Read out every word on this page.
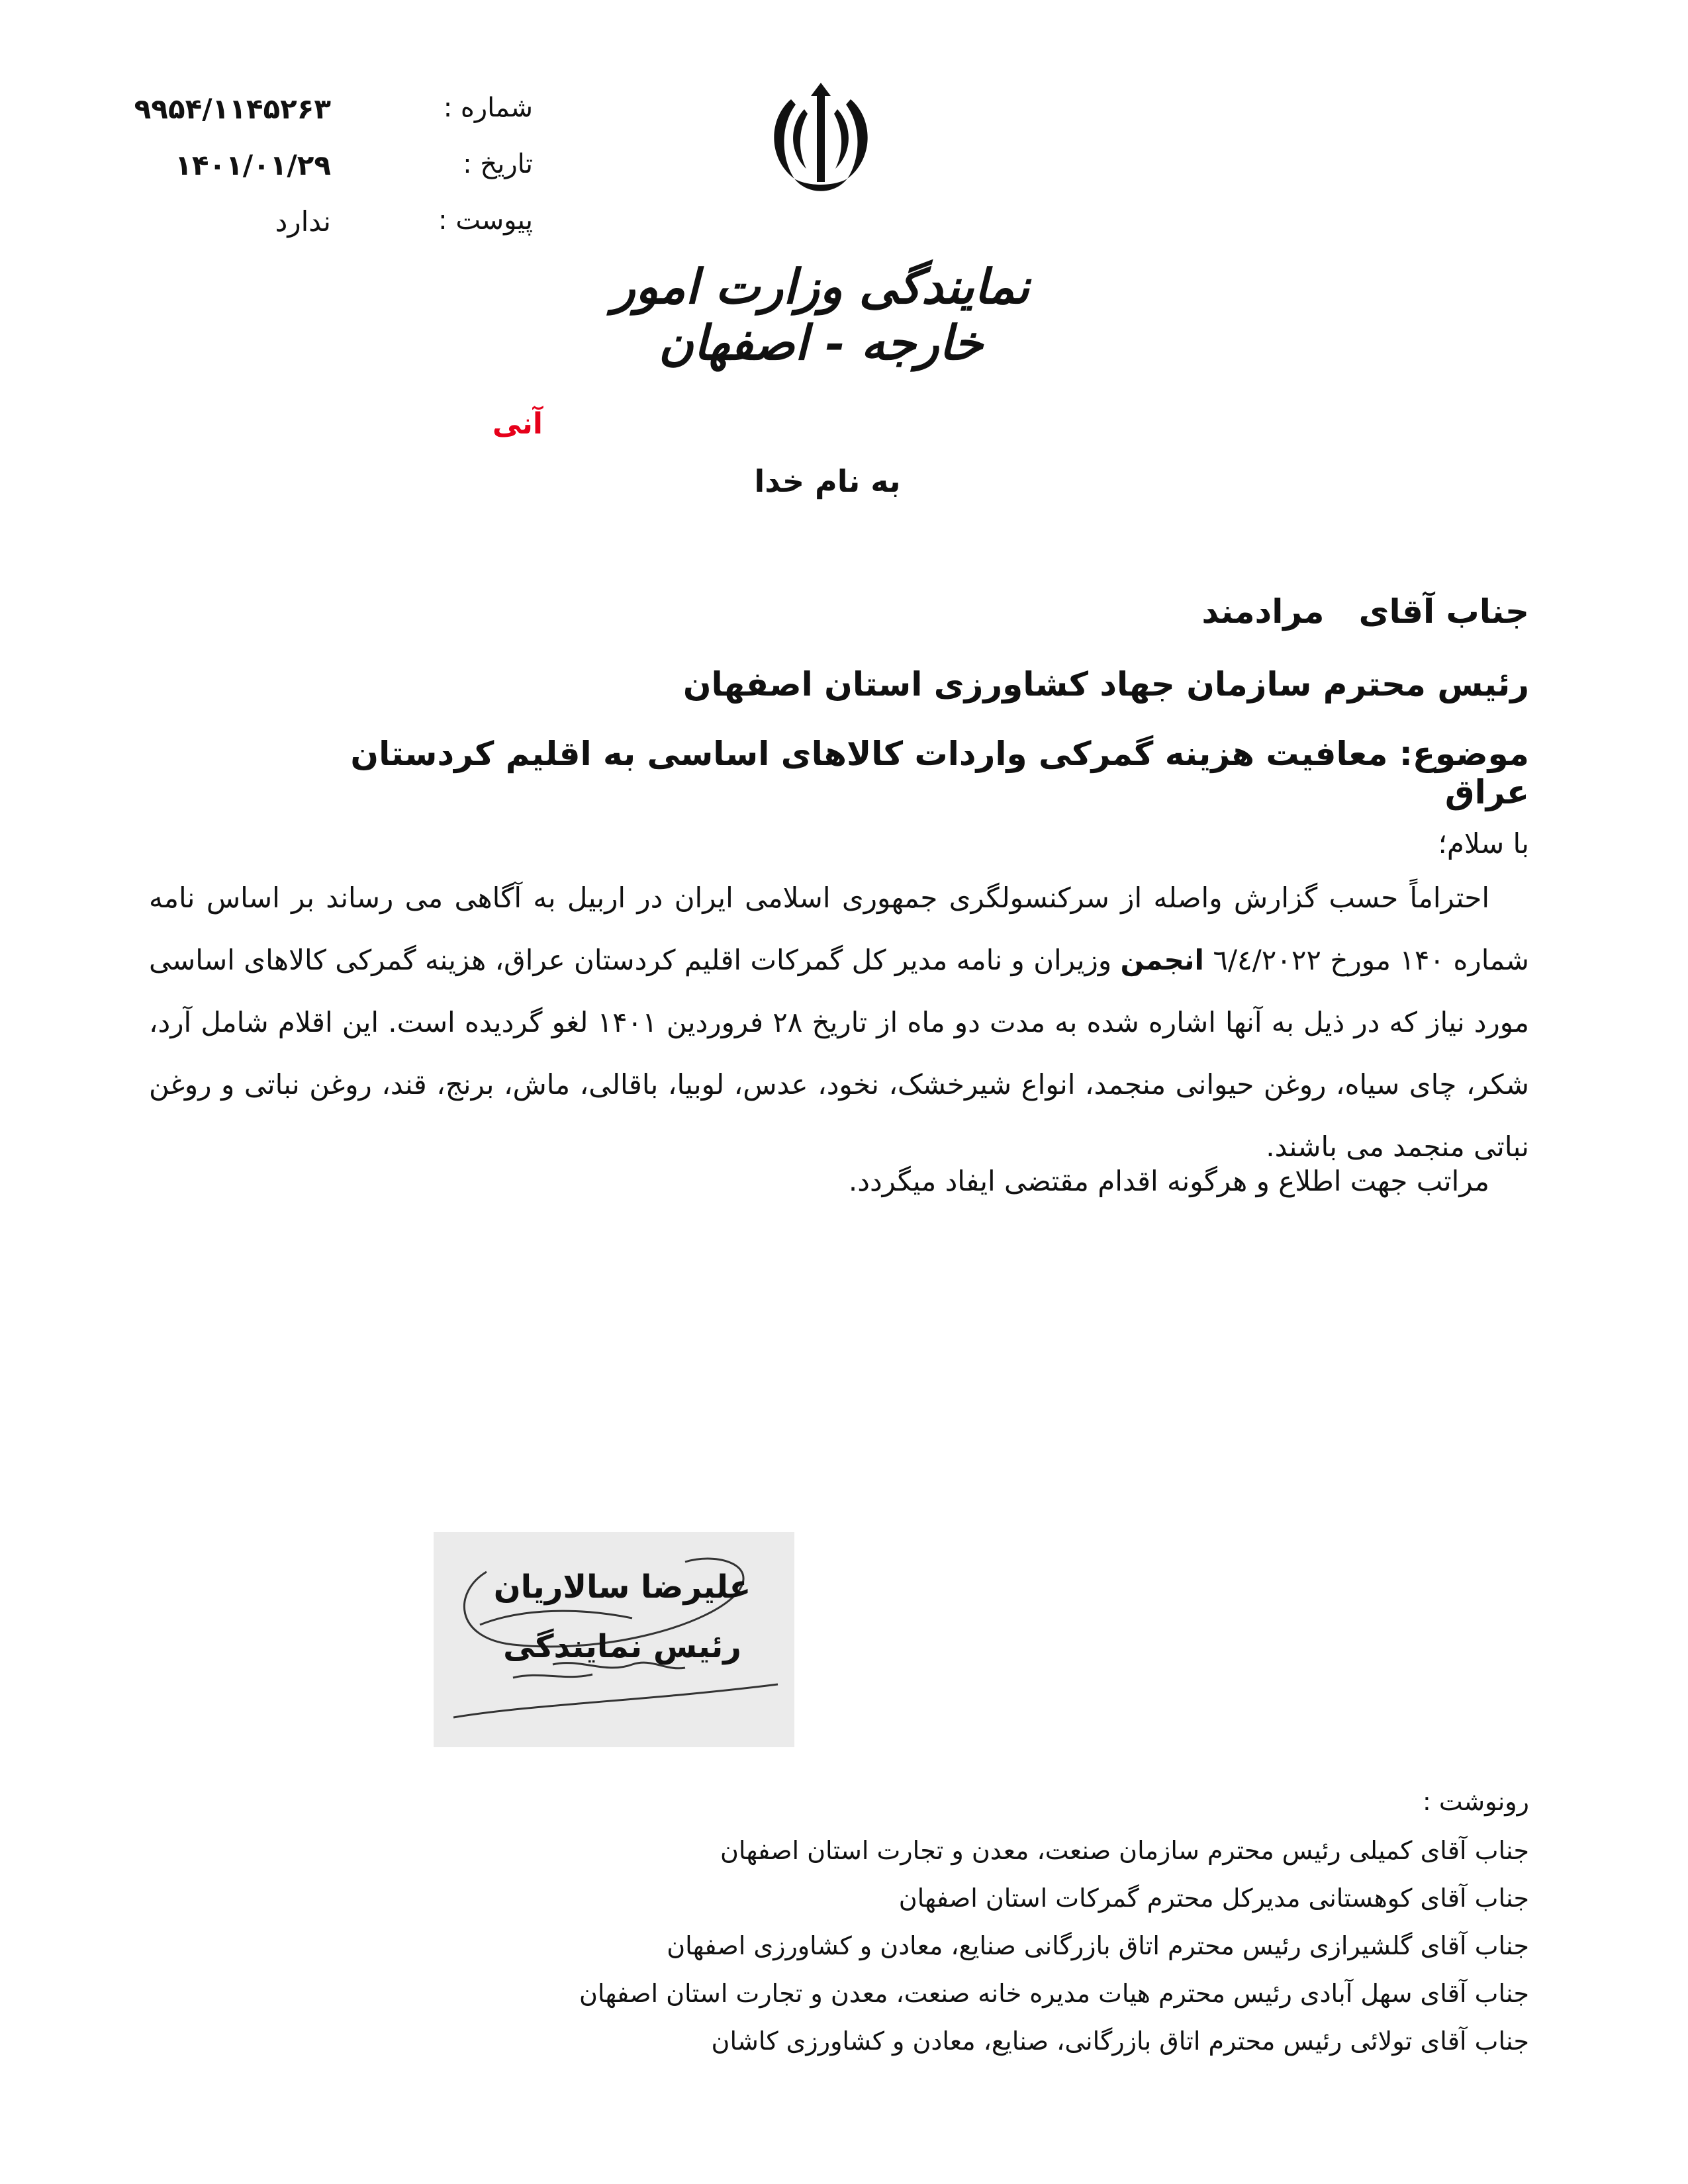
شماره :
۹۹۵۴/۱۱۴۵۲۶۳
تاریخ :
۱۴۰۱/۰۱/۲۹
پیوست :
ندارد
نمایندگی وزارت امور خارجه - اصفهان
آنی
به نام خدا
جناب آقای   مرادمند
رئیس محترم سازمان جهاد کشاورزی استان اصفهان
موضوع: معافیت هزینه گمرکی واردات کالاهای اساسی به اقلیم کردستان عراق
با سلام؛
احتراماً حسب گزارش واصله از سرکنسولگری جمهوری اسلامی ایران در اربیل به آگاهی می رساند بر اساس نامه شماره ۱۴۰ مورخ ٦/٤/٢٠٢٢ انجمن وزیران و نامه مدیر کل گمرکات اقلیم کردستان عراق، هزینه گمرکی کالاهای اساسی مورد نیاز که در ذیل به آنها اشاره شده به مدت دو ماه از تاریخ ۲۸ فروردین ۱۴۰۱ لغو گردیده است. این اقلام شامل آرد، شکر، چای سیاه، روغن حیوانی منجمد، انواع شیرخشک، نخود، عدس، لوبیا، باقالی، ماش، برنج، قند، روغن نباتی و روغن نباتی منجمد می باشند.
مراتب جهت اطلاع و هرگونه اقدام مقتضی ایفاد میگردد.
علیرضا سالاریان
رئیس نمایندگی
رونوشت :
جناب آقای کمیلی رئیس محترم سازمان صنعت، معدن و تجارت استان اصفهان
جناب آقای کوهستانی مدیرکل محترم گمرکات استان اصفهان
جناب آقای گلشیرازی رئیس محترم اتاق بازرگانی صنایع، معادن و کشاورزی اصفهان
جناب آقای سهل آبادی رئیس محترم هیات مدیره خانه صنعت، معدن و تجارت استان اصفهان
جناب آقای تولائی رئیس محترم اتاق بازرگانی، صنایع، معادن و کشاورزی کاشان
